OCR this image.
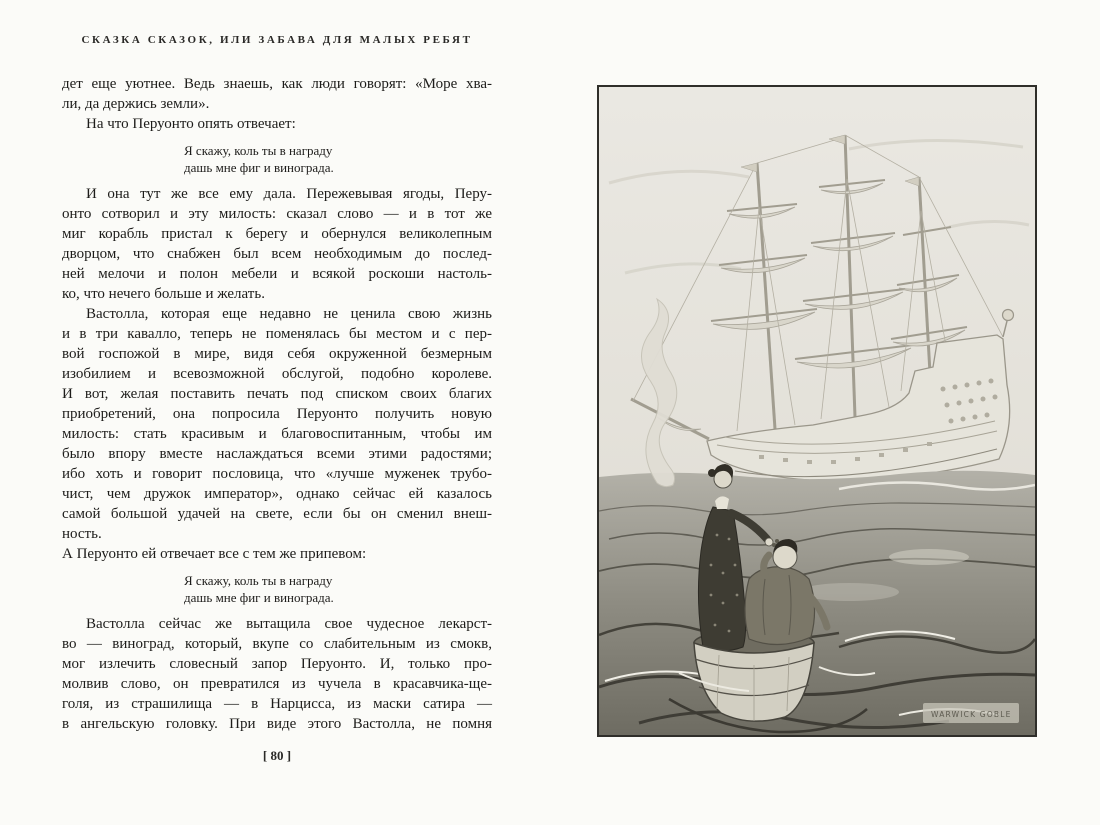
СКАЗКА СКАЗОК, ИЛИ ЗАБАВА ДЛЯ МАЛЫХ РЕБЯТ
дет еще уютнее. Ведь знаешь, как люди говорят: «Море хва-
ли, да держись земли».
На что Перуонто опять отвечает:
Я скажу, коль ты в награду
дашь мне фиг и винограда.
И она тут же все ему дала. Пережевывая ягоды, Перу-
онто сотворил и эту милость: сказал слово — и в тот же
миг корабль пристал к берегу и обернулся великолепным
дворцом, что снабжен был всем необходимым до послед-
ней мелочи и полон мебели и всякой роскоши настоль-
ко, что нечего больше и желать.
Вастолла, которая еще недавно не ценила свою жизнь
и в три кавалло, теперь не поменялась бы местом и с пер-
вой госпожой в мире, видя себя окруженной безмерным
изобилием и всевозможной обслугой, подобно королеве.
И вот, желая поставить печать под списком своих благих
приобретений, она попросила Перуонто получить новую
милость: стать красивым и благовоспитанным, чтобы им
было впору вместе наслаждаться всеми этими радостями;
ибо хоть и говорит пословица, что «лучше муженек трубо-
чист, чем дружок император», однако сейчас ей казалось
самой большой удачей на свете, если бы он сменил внеш-
ность.
А Перуонто ей отвечает все с тем же припевом:
Я скажу, коль ты в награду
дашь мне фиг и винограда.
Вастолла сейчас же вытащила свое чудесное лекарст-
во — виноград, который, вкупе со слабительным из смокв,
мог излечить словесный запор Перуонто. И, только про-
молвив слово, он превратился из чучела в красавчика-ще-
голя, из страшилища — в Нарцисса, из маски сатира —
в ангельскую головку. При виде этого Вастолла, не помня
[ 80 ]
WARWICK GOBLE
